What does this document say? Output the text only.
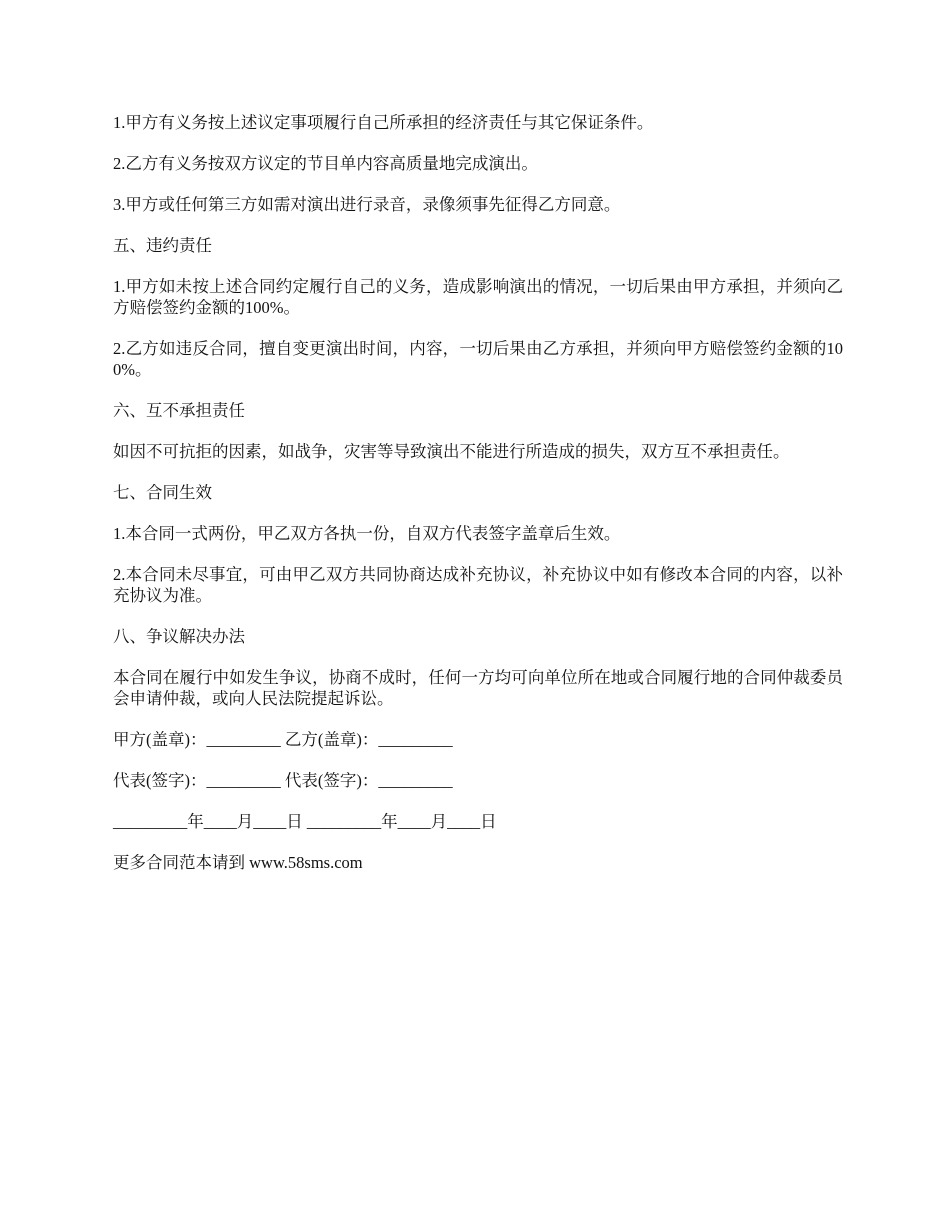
1.甲方有义务按上述议定事项履行自己所承担的经济责任与其它保证条件。

2.乙方有义务按双方议定的节目单内容高质量地完成演出。

3.甲方或任何第三方如需对演出进行录音，录像须事先征得乙方同意。

五、违约责任

1.甲方如未按上述合同约定履行自己的义务，造成影响演出的情况，一切后果由甲方承担，并须向乙方赔偿签约金额的100%。

2.乙方如违反合同，擅自变更演出时间，内容，一切后果由乙方承担，并须向甲方赔偿签约金额的100%。

六、互不承担责任

如因不可抗拒的因素，如战争，灾害等导致演出不能进行所造成的损失，双方互不承担责任。

七、合同生效

1.本合同一式两份，甲乙双方各执一份，自双方代表签字盖章后生效。

2.本合同未尽事宜，可由甲乙双方共同协商达成补充协议，补充协议中如有修改本合同的内容，以补充协议为准。

八、争议解决办法

本合同在履行中如发生争议，协商不成时，任何一方均可向单位所在地或合同履行地的合同仲裁委员会申请仲裁，或向人民法院提起诉讼。

甲方(盖章)：_________ 乙方(盖章)：_________

代表(签字)：_________ 代表(签字)：_________

_________年____月____日 _________年____月____日

更多合同范本请到 www.58sms.com
